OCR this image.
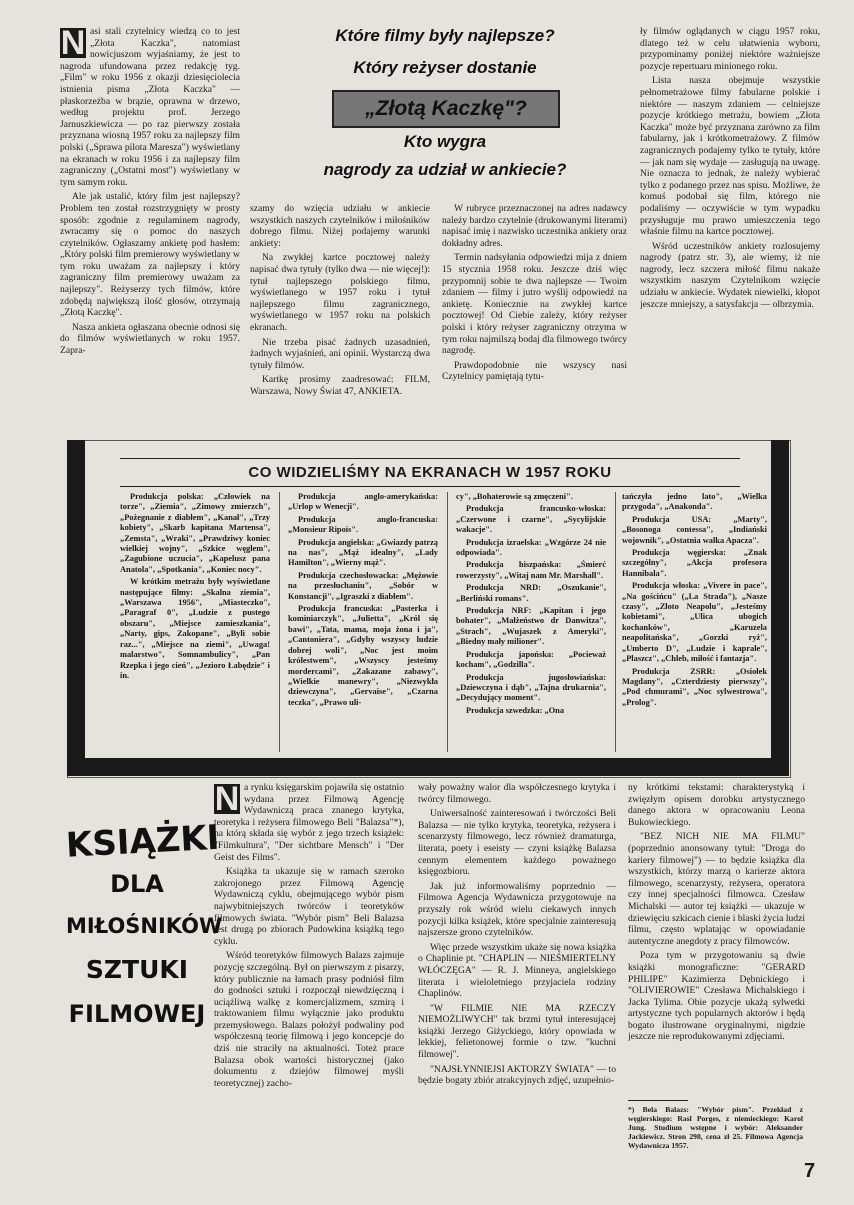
N asi stali czytelnicy wiedzą co to jest „Złota Kaczka", natomiast nowicjuszom wyjaśniamy, że jest to nagroda ufundowana przez redakcję tyg. „Film" w roku 1956 z okazji dziesięciolecia istnienia pisma „Złota Kaczka" — płaskorzeźba w brązie, oprawna w drzewo, według projektu prof. Jerzego Jarnuszkiewicza — po raz pierwszy została przyznana wiosną 1957 roku za najlepszy film polski („Sprawa pilota Maresza") wyświetlany na ekranach w roku 1956 i za najlepszy film zagraniczny („Ostatni most") wyświetlany w tym samym roku.

Ale jak ustalić, który film jest najlepszy? Problem ten został rozstrzygnięty w prosty sposób: zgodnie z regulaminem nagrody, zwracamy się o pomoc do naszych czytelników. Ogłaszamy ankietę pod hasłem: „Który polski film premierowy wyświetlany w tym roku uważam za najlepszy i który zagraniczny film premierowy uważam za najlepszy". Reżyserzy tych filmów, które zdobędą największą ilość głosów, otrzymają „Złotą Kaczkę".

Nasza ankieta ogłaszana obecnie odnosi się do filmów wyświetlanych w roku 1957. Zapra-

Które filmy były najlepsze?
Który reżyser dostanie
„Złotą Kaczkę"?
Kto wygra
nagrody za udział w ankiecie?

szamy do wzięcia udziału w ankiecie wszystkich naszych czytelników i miłośników dobrego filmu. Niżej podajemy warunki ankiety:

Na zwykłej kartce pocztowej należy napisać dwa tytuły (tylko dwa — nie więcej!): tytuł najlepszego polskiego filmu, wyświetlanego w 1957 roku i tytuł najlepszego filmu zagranicznego, wyświetlanego w 1957 roku na polskich ekranach.

Nie trzeba pisać żadnych uzasadnień, żadnych wyjaśnień, ani opinii. Wystarczą dwa tytuły filmów.

Kartkę prosimy zaadresować: FILM, Warszawa, Nowy Świat 47, ANKIETA.

W rubryce przeznaczonej na adres nadawcy należy bardzo czytelnie (drukowanymi literami) napisać imię i nazwisko uczestnika ankiety oraz dokładny adres.

Termin nadsyłania odpowiedzi mija z dniem 15 stycznia 1958 roku. Jeszcze dziś więc przypomnij sobie te dwa najlepsze — Twoim zdaniem — filmy i jutro wyślij odpowiedź na ankietę. Koniecznie na zwykłej kartce pocztowej! Od Ciebie zależy, który reżyser polski i który reżyser zagraniczny otrzyma w tym roku najmilszą bodaj dla filmowego twórcy nagrodę.

Prawdopodobnie nie wszyscy nasi Czytelnicy pamiętają tytu-

ły filmów oglądanych w ciągu 1957 roku, dlatego też w celu ułatwienia wyboru, przypominamy poniżej niektóre ważniejsze pozycje repertuaru minionego roku.

Lista nasza obejmuje wszystkie pełnometrażowe filmy fabularne polskie i niektóre — naszym zdaniem — celniejsze pozycje krótkiego metrażu, bowiem „Złota Kaczka" może być przyznana zarówno za film fabularny, jak i krótkometrażowy. Z filmów zagranicznych podajemy tylko te tytuły, które — jak nam się wydaje — zasługują na uwagę. Nie oznacza to jednak, że należy wybierać tylko z podanego przez nas spisu. Możliwe, że komuś podobał się film, którego nie podaliśmy — oczywiście w tym wypadku przysługuje mu prawo umieszczenia tego właśnie filmu na kartce pocztowej.

Wśród uczestników ankiety rozlosujemy nagrody (patrz str. 3), ale wiemy, iż nie nagrody, lecz szczera miłość filmu nakaże wszystkim naszym Czytelnikom wzięcie udziału w ankiecie. Wydatek niewielki, kłopot jeszcze mniejszy, a satysfakcja — olbrzymia.

CO WIDZIELIŚMY NA EKRANACH W 1957 ROKU

Produkcja polska: „Człowiek na torze", „Ziemia", „Zimowy zmierzch", „Pożegnanie z diabłem", „Kanał", „Trzy kobiety", „Skarb kapitana Martensa", „Zemsta", „Wraki", „Prawdziwy koniec wielkiej wojny", „Szkice węglem", „Zagubione uczucia", „Kapelusz pana Anatola", „Spotkania", „Koniec nocy".

W krótkim metrażu były wyświetlane następujące filmy: „Skalna ziemia", „Warszawa 1956", „Miasteczko", „Paragraf 0", „Ludzie z pustego obszaru", „Miejsce zamieszkania", „Narty, gips, Zakopane", „Byli sobie raz...", „Miejsce na ziemi", „Uwaga! malarstwo", Somnambulicy", „Pan Rzepka i jego cień", „Jezioro Łabędzie" i in.

Produkcja anglo-amerykańska: „Urlop w Wenecji".

Produkcja anglo-francuska: „Monsieur Ripois".

Produkcja angielska: „Gwiazdy patrzą na nas", „Mąż idealny", „Lady Hamilton", „Wierny mąż".

Produkcja czechosłowacka: „Mężowie na przesłuchaniu", „Sobór w Konstancji", „Igraszki z diabłem".

Produkcja francuska: „Pasterka i kominiarczyk", „Julietta", „Król się bawi", „Tata, mama, moja żona i ja", „Cantoniera", „Gdyby wszyscy ludzie dobrej woli", „Noc jest moim królestwem", „Wszyscy jesteśmy mordercami", „Zakazane zabawy", „Wielkie manewry", „Niezwykła dziewczyna", „Gervaise", „Czarna teczka", „Prawo uli-

cy", „Bohaterowie są zmęczeni".

Produkcja francusko-włoska: „Czerwone i czarne", „Sycylijskie wakacje".

Produkcja izraelska: „Wzgórze 24 nie odpowiada".

Produkcja hiszpańska: „Śmierć rowerzysty", „Witaj nam Mr. Marshall".

Produkcja NRD: „Oszukanie", „Berliński romans".

Produkcja NRF: „Kapitan i jego bohater", „Małżeństwo dr Danwitza", „Strach", „Wujaszek z Ameryki", „Biedny mały milioner".

Produkcja japońska: „Pocieważ kocham", „Godzilla".

Produkcja jugosłowiańska: „Dziewczyna i dąb", „Tajna drukarnia", „Decydujący moment".

Produkcja szwedzka: „Ona

tańczyła jedno lato", „Wielka przygoda", „Anakonda".

Produkcja USA: „Marty", „Bosonoga contessa", „Indiański wojownik", „Ostatnia walka Apacza".

Produkcja węgierska: „Znak szczególny", „Akcja profesora Hannibala".

Produkcja włoska: „Vivere in pace", „Na gościńcu" („La Strada"), „Nasze czasy", „Złoto Neapolu", „Jesteśmy kobietami", „Ulica ubogich kochanków", „Karuzela neapolitańska", „Gorzki ryż", „Umberto D", „Ludzie i kaprale", „Plaszcz", „Chleb, miłość i fantazja".

Produkcja ZSRR: „Osiołek Magdany", „Czterdziesty pierwszy", „Pod chmurami", „Noc sylwestrowa", „Prolog".

KSIĄŻKI
DLA
MIŁOŚNIKÓW
SZTUKI
FILMOWEJ
N a rynku księgarskim pojawiła się ostatnio wydana przez Filmową Agencję Wydawniczą praca znanego krytyka, teoretyka i reżysera filmowego Beli "Balazsa"*), na którą składa się wybór z jego trzech książek: "Filmkultura", "Der sichtbare Mensch" i "Der Geist des Films".

Książka ta ukazuje się w ramach szeroko zakrojonego przez Filmową Agencję Wydawniczą cyklu, obejmującego wybór pism najwybitniejszych twórców i teoretyków filmowych świata. "Wybór pism" Beli Balazsa jest drugą po zbiorach Pudowkina książką tego cyklu.

Wśród teoretyków filmowych Balazs zajmuje pozycję szczególną. Był on pierwszym z pisarzy, który publicznie na łamach prasy podniósł film do godności sztuki i rozpoczął niewdzięczną i uciążliwą walkę z komercjalizmem, szmirą i traktowaniem filmu wyłącznie jako produktu przemysłowego. Balazs położył podwaliny pod współczesną teorię filmową i jego koncepcje do dziś nie straciły na aktualności. Toteż prace Balazsa obok wartości historycznej (jako dokumentu z dziejów filmowej myśli teoretycznej) zacho-

wały poważny walor dla współczesnego krytyka i twórcy filmowego.

Uniwersalność zainteresowań i twórczości Beli Balazsa — nie tylko krytyka, teoretyka, reżysera i scenarzysty filmowego, lecz również dramaturga, literata, poety i eseisty — czyni książkę Balazsa cennym elementem każdego poważnego księgozbioru.

Jak już informowaliśmy poprzednio — Filmowa Agencja Wydawnicza przygotowuje na przyszły rok wśród wielu ciekawych innych pozycji kilka książek, które specjalnie zainteresują najszersze grono czytelników.

Więc przede wszystkim ukaże się nowa książka o Chaplinie pt. "CHAPLIN — NIEŚMIERTELNY WŁÓCZĘGA" — R. J. Minneya, angielskiego literata i wieloletniego przyjaciela rodziny Chaplinów.

"W FILMIE NIE MA RZECZY NIEMOŻLIWYCH" tak brzmi tytuł interesującej książki Jerzego Giżyckiego, który opowiada w lekkiej, felietonowej formie o tzw. "kuchni filmowej".

"NAJSŁYNNIEJSI AKTORZY ŚWIATA" — to będzie bogaty zbiór atrakcyjnych zdjęć, uzupełnio-

ny krótkimi tekstami: charakterystyką i zwięzłym opisem dorobku artystycznego danego aktora w opracowaniu Leona Bukowieckiego.

"BEZ NICH NIE MA FILMU" (poprzednio anonsowany tytuł: "Droga do kariery filmowej") — to będzie książka dla wszystkich, którzy marzą o karierze aktora filmowego, scenarzysty, reżysera, operatora czy innej specjalności filmowca. Czesław Michalski — autor tej książki — ukazuje w dziewięciu szkicach cienie i blaski życia ludzi filmu, często wplatając w opowiadanie autentyczne anegdoty z pracy filmowców.

Poza tym w przygotowaniu są dwie książki monograficzne: "GERARD PHILIPE" Kazimierza Dębnickiego i "OLIVIEROWIE" Czesława Michalskiego i Jacka Tylima. Obie pozycje ukażą sylwetki artystyczne tych popularnych aktorów i będą bogato ilustrowane oryginalnymi, nigdzie jeszcze nie reprodukowanymi zdjęciami.

*) Bela Balazs: "Wybór pism". Przekład z węgierskiego: Rasl Porges, z niemieckiego: Karol Jung. Studium wstępne i wybór: Aleksander Jackiewicz. Stron 298, cena zł 25. Filmowa Agencja Wydawnicza 1957.
7
